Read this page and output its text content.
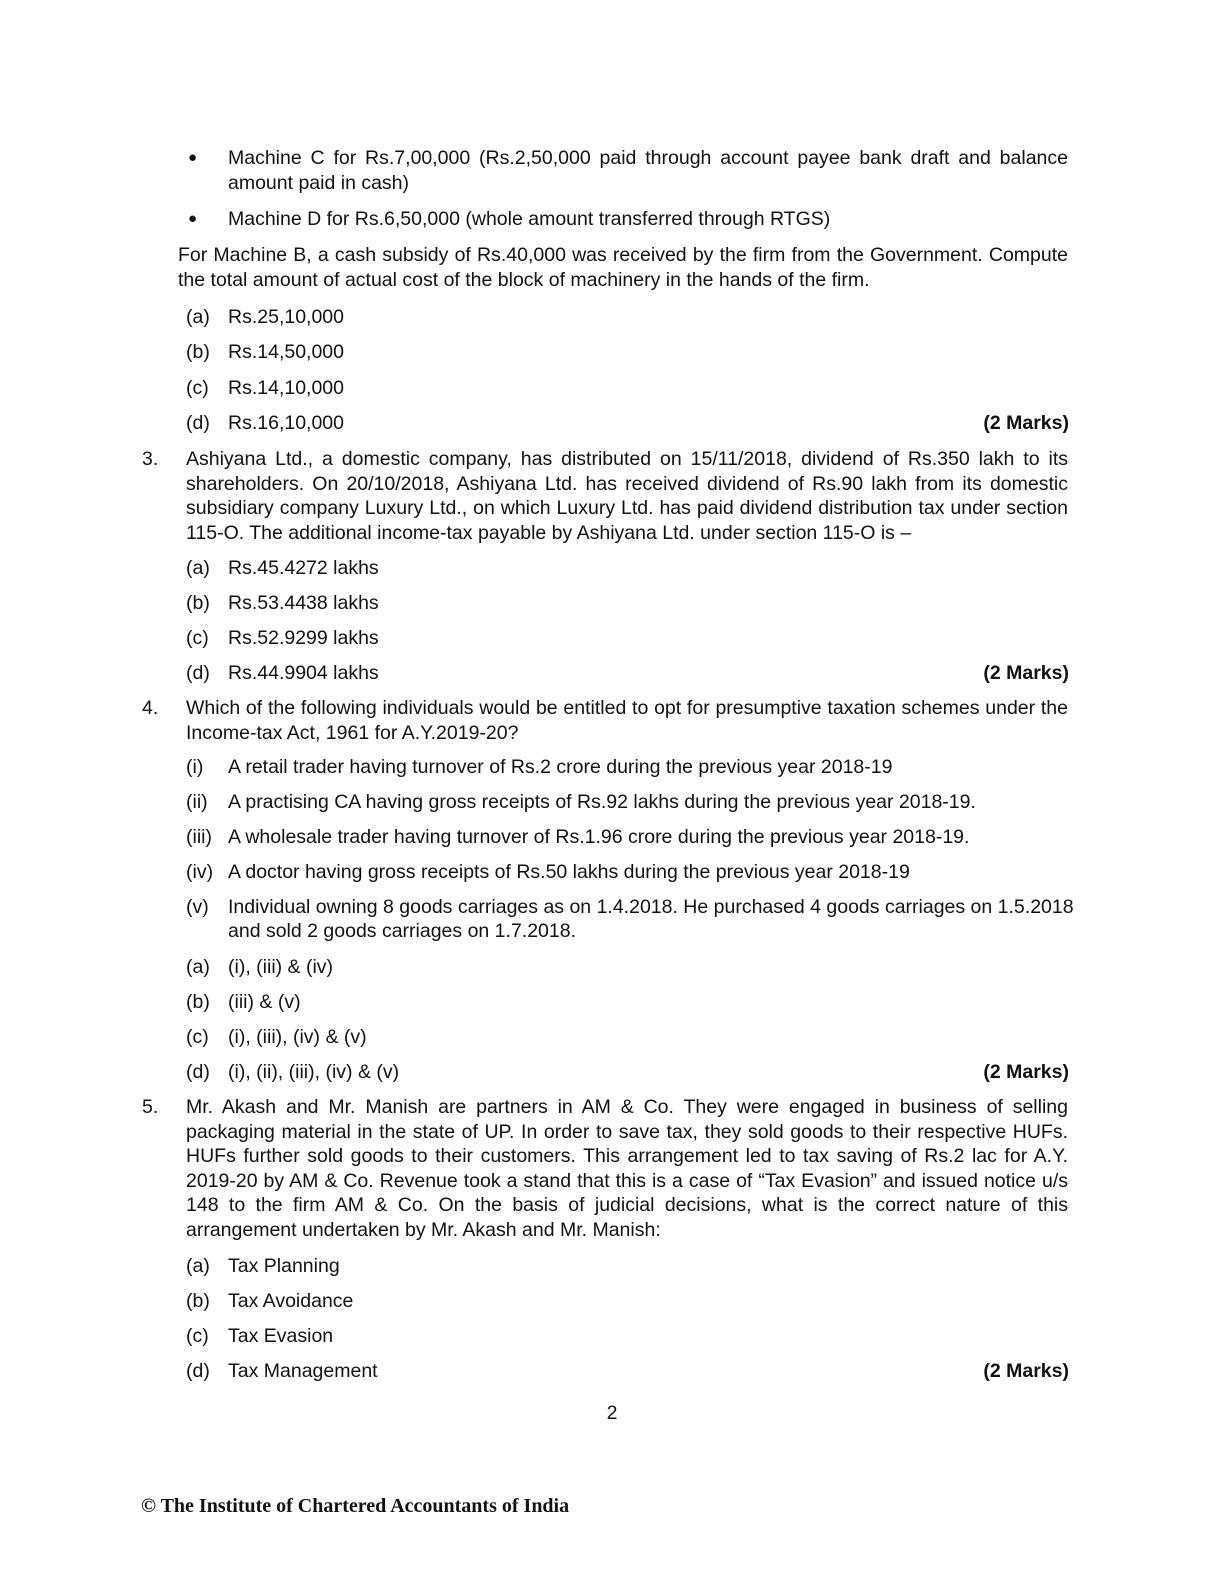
● Machine C for Rs.7,00,000 (Rs.2,50,000 paid through account payee bank draft and balance amount paid in cash)
● Machine D for Rs.6,50,000 (whole amount transferred through RTGS)
For Machine B, a cash subsidy of Rs.40,000 was received by the firm from the Government. Compute the total amount of actual cost of the block of machinery in the hands of the firm.
(a) Rs.25,10,000
(b) Rs.14,50,000
(c) Rs.14,10,000
(d) Rs.16,10,000	(2 Marks)
3. Ashiyana Ltd., a domestic company, has distributed on 15/11/2018, dividend of Rs.350 lakh to its shareholders. On 20/10/2018, Ashiyana Ltd. has received dividend of Rs.90 lakh from its domestic subsidiary company Luxury Ltd., on which Luxury Ltd. has paid dividend distribution tax under section 115-O. The additional income-tax payable by Ashiyana Ltd. under section 115-O is –
(a) Rs.45.4272 lakhs
(b) Rs.53.4438 lakhs
(c) Rs.52.9299 lakhs
(d) Rs.44.9904 lakhs	(2 Marks)
4. Which of the following individuals would be entitled to opt for presumptive taxation schemes under the Income-tax Act, 1961 for A.Y.2019-20?
(i) A retail trader having turnover of Rs.2 crore during the previous year 2018-19
(ii) A practising CA having gross receipts of Rs.92 lakhs during the previous year 2018-19.
(iii) A wholesale trader having turnover of Rs.1.96 crore during the previous year 2018-19.
(iv) A doctor having gross receipts of Rs.50 lakhs during the previous year 2018-19
(v) Individual owning 8 goods carriages as on 1.4.2018. He purchased 4 goods carriages on 1.5.2018
and sold 2 goods carriages on 1.7.2018.
(a) (i), (iii) & (iv)
(b) (iii) & (v)
(c) (i), (iii), (iv) & (v)
(d) (i), (ii), (iii), (iv) & (v)	(2 Marks)
5. Mr. Akash and Mr. Manish are partners in AM & Co. They were engaged in business of selling packaging material in the state of UP. In order to save tax, they sold goods to their respective HUFs. HUFs further sold goods to their customers. This arrangement led to tax saving of Rs.2 lac for A.Y. 2019-20 by AM & Co. Revenue took a stand that this is a case of “Tax Evasion” and issued notice u/s 148 to the firm AM & Co. On the basis of judicial decisions, what is the correct nature of this arrangement undertaken by Mr. Akash and Mr. Manish:
(a) Tax Planning
(b) Tax Avoidance
(c) Tax Evasion
(d) Tax Management	(2 Marks)
2
© The Institute of Chartered Accountants of India
